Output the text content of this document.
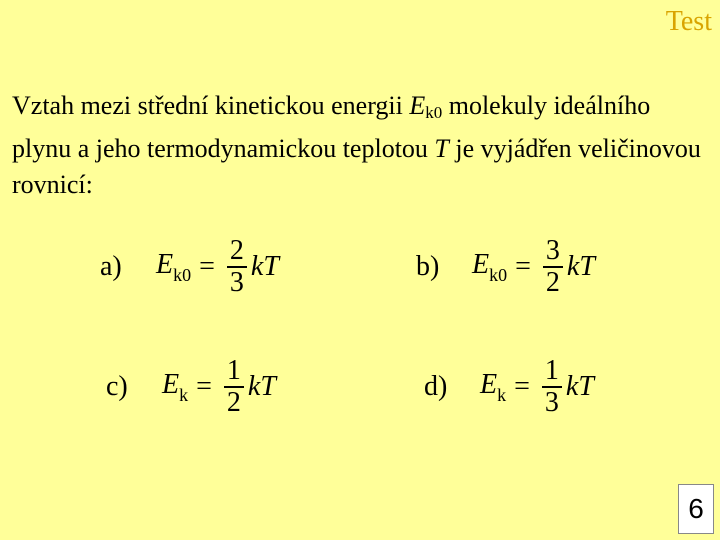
Test
Vztah mezi střední kinetickou energii $E_{k0}$ molekuly ideálního plynu a jeho termodynamickou teplotou T je vyjádřen veličinovou rovnicí:
a)	$E_{k0} = \frac{2}{3}$ kT	b)	$E_{k0} = \frac{3}{2}$ kT
c)	$E_k = \frac{1}{2}$ kT	d)	$E_k = \frac{1}{3}$ kT
6
